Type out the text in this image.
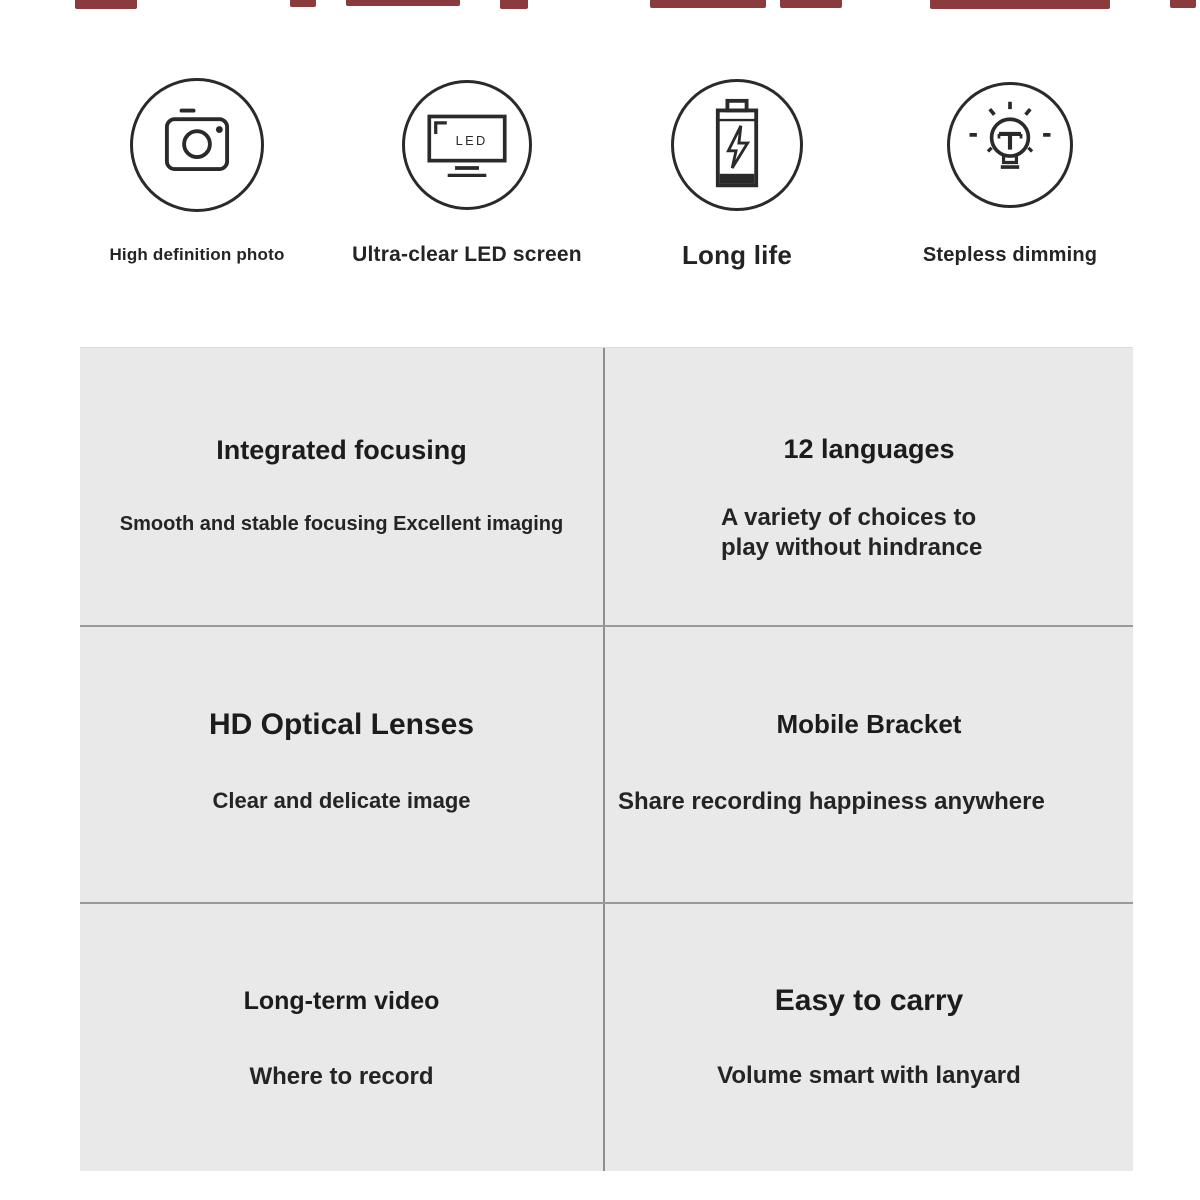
High definition photo
LED
Ultra-clear LED screen	Long life	Stepless dimming
Integrated focusing
Smooth and stable focusing Excellent imaging
12 languages
A variety of choices to
play without hindrance
HD Optical Lenses
Clear and delicate image
Mobile Bracket
Share recording happiness anywhere
Long-term video
Where to record
Easy to carry
Volume smart with lanyard
